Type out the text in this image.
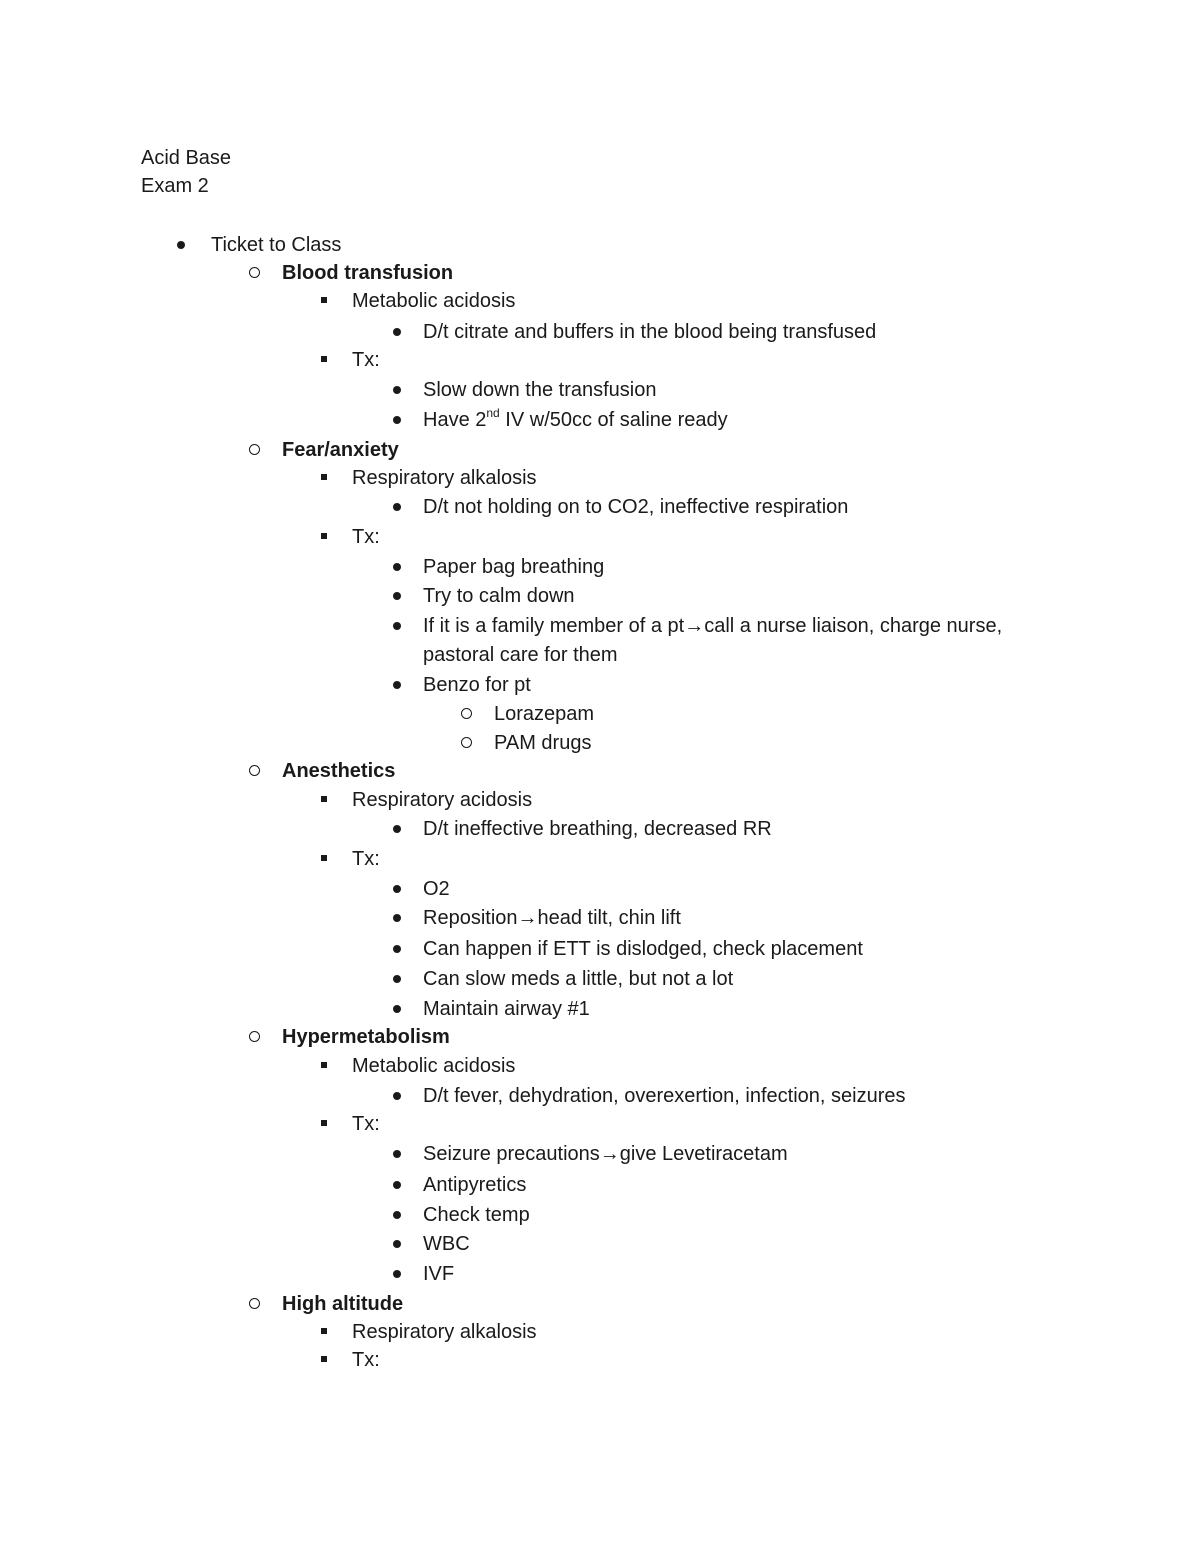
Acid Base
Exam 2
Ticket to Class
Blood transfusion
Metabolic acidosis
D/t citrate and buffers in the blood being transfused
Tx:
Slow down the transfusion
Have 2nd IV w/50cc of saline ready
Fear/anxiety
Respiratory alkalosis
D/t not holding on to CO2, ineffective respiration
Tx:
Paper bag breathing
Try to calm down
If it is a family member of a pt→call a nurse liaison, charge nurse,
pastoral care for them
Benzo for pt
Lorazepam
PAM drugs
Anesthetics
Respiratory acidosis
D/t ineffective breathing, decreased RR
Tx:
O2
Reposition→head tilt, chin lift
Can happen if ETT is dislodged, check placement
Can slow meds a little, but not a lot
Maintain airway #1
Hypermetabolism
Metabolic acidosis
D/t fever, dehydration, overexertion, infection, seizures
Tx:
Seizure precautions→give Levetiracetam
Antipyretics
Check temp
WBC
IVF
High altitude
Respiratory alkalosis
Tx:
